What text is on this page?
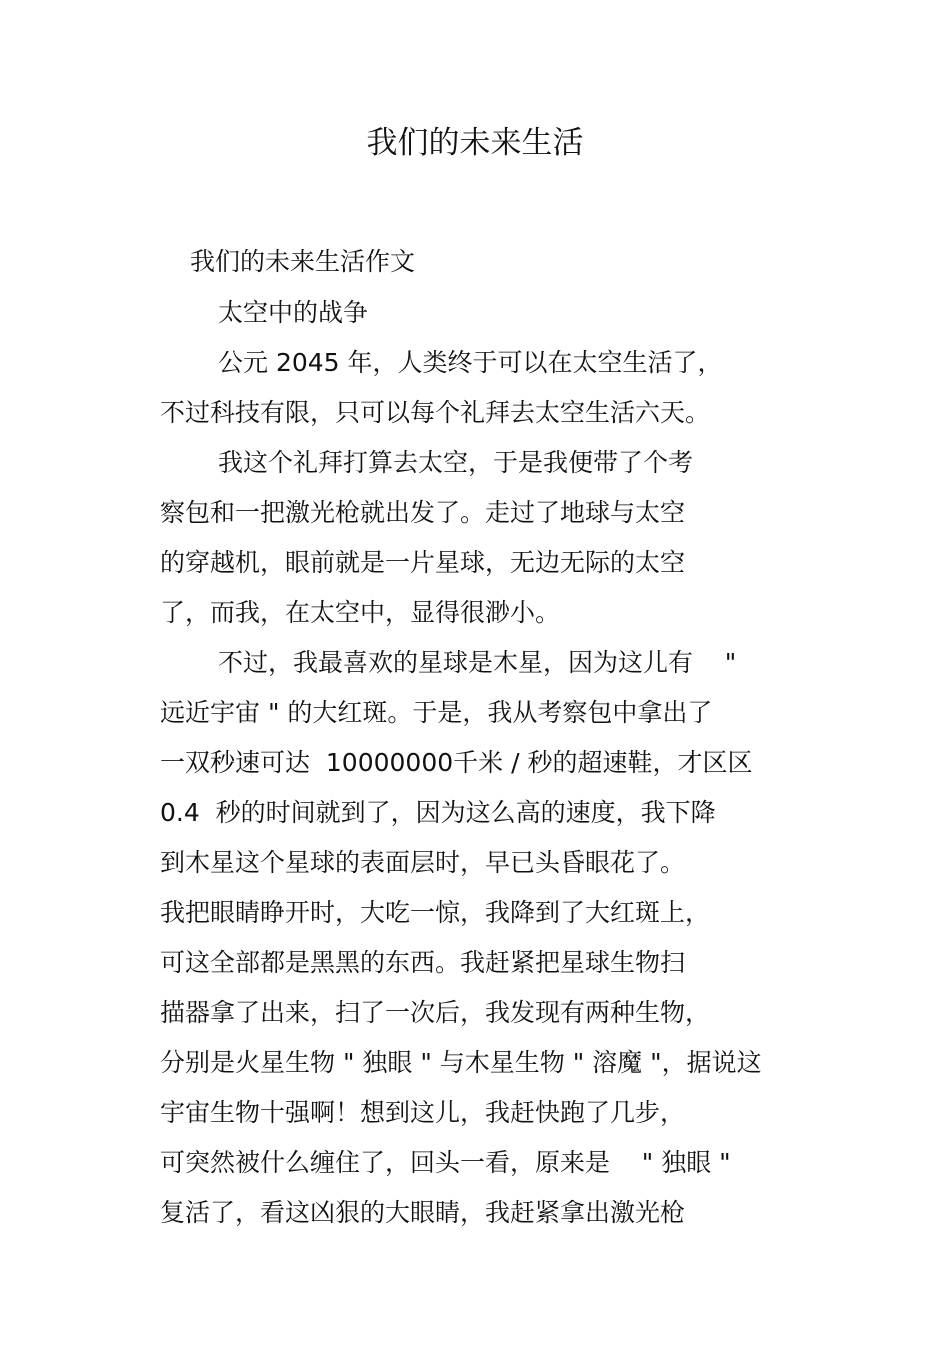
我们的未来生活

我们的未来生活作文

太空中的战争

公元 2045 年，人类终于可以在太空生活了，

不过科技有限，只可以每个礼拜去太空生活六天。

我这个礼拜打算去太空，于是我便带了个考

察包和一把激光枪就出发了。走过了地球与太空

的穿越机，眼前就是一片星球，无边无际的太空

了，而我，在太空中，显得很渺小。

不过，我最喜欢的星球是木星，因为这儿有    "

远近宇宙 " 的大红斑。于是，我从考察包中拿出了

一双秒速可达  10000000千米 / 秒的超速鞋，才区区

0.4  秒的时间就到了，因为这么高的速度，我下降

到木星这个星球的表面层时，早已头昏眼花了。

我把眼睛睁开时，大吃一惊，我降到了大红斑上，

可这全部都是黑黑的东西。我赶紧把星球生物扫

描器拿了出来，扫了一次后，我发现有两种生物，

分别是火星生物 " 独眼 " 与木星生物 " 溶魔 "，据说这

宇宙生物十强啊！想到这儿，我赶快跑了几步，

可突然被什么缠住了，回头一看，原来是    " 独眼 "

复活了，看这凶狠的大眼睛，我赶紧拿出激光枪
